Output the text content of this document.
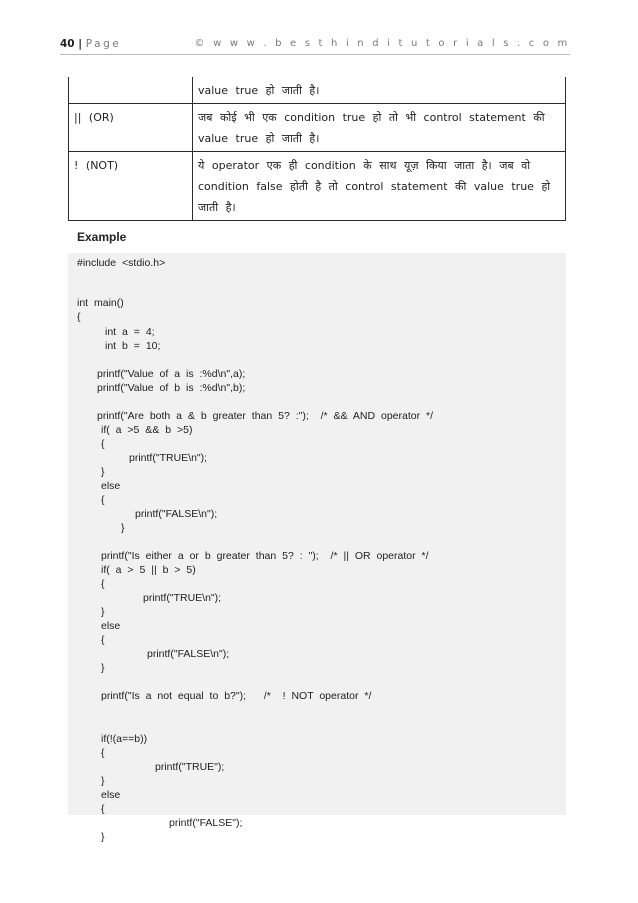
40 | Page	© w w w . b e s t h i n d i t u t o r i a l s . c o m
	value true हो जाती है।
|| (OR)	जब कोई भी एक condition true हो तो भी control statement की value true हो जाती है।
! (NOT)	ये operator एक ही condition के साथ यूज़ किया जाता है। जब वो condition false होती है तो control statement की value true हो जाती है।
Example
#include <stdio.h>
int main()
{
int a = 4;
int b = 10;
printf("Value of a is :%d\n",a);
printf("Value of b is :%d\n",b);
printf("Are both a & b greater than 5? :");  /* && AND operator */
if( a >5 && b >5)
{
printf("TRUE\n");
}
else
{
printf("FALSE\n");
}
printf("Is either a or b greater than 5? : ");  /* || OR operator */
if( a > 5 || b > 5)
{
printf("TRUE\n");
}
else
{
printf("FALSE\n");
}
printf("Is a not equal to b?");   /*  ! NOT operator */
if(!(a==b))
{
printf("TRUE");
}
else
{
printf("FALSE");
}
